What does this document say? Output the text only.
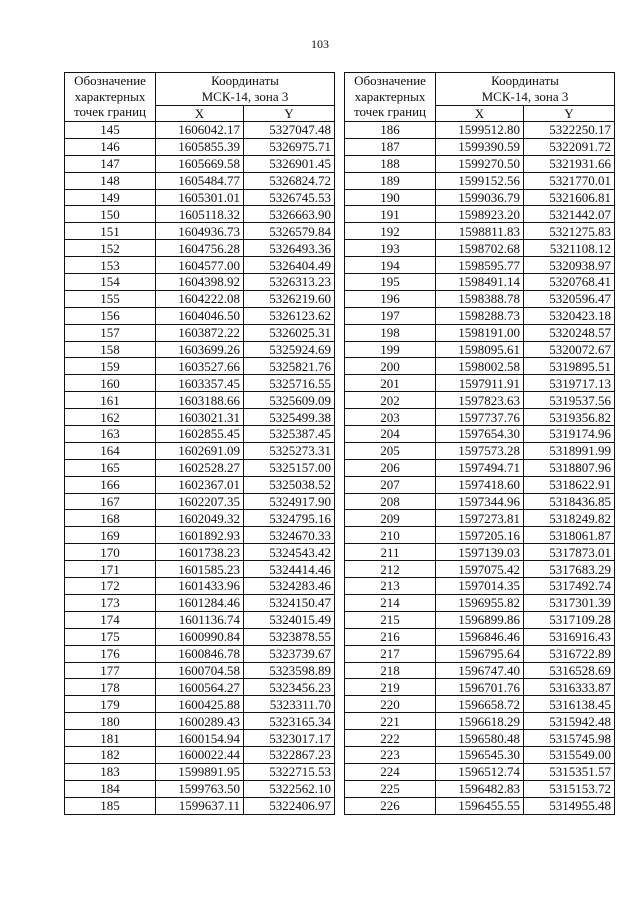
103
Обозначение
характерных
точек границ	Координаты
МСК-14, зона 3	
	X	Y
145	1606042.17	5327047.48
146	1605855.39	5326975.71
147	1605669.58	5326901.45
148	1605484.77	5326824.72
149	1605301.01	5326745.53
150	1605118.32	5326663.90
151	1604936.73	5326579.84
152	1604756.28	5326493.36
153	1604577.00	5326404.49
154	1604398.92	5326313.23
155	1604222.08	5326219.60
156	1604046.50	5326123.62
157	1603872.22	5326025.31
158	1603699.26	5325924.69
159	1603527.66	5325821.76
160	1603357.45	5325716.55
161	1603188.66	5325609.09
162	1603021.31	5325499.38
163	1602855.45	5325387.45
164	1602691.09	5325273.31
165	1602528.27	5325157.00
166	1602367.01	5325038.52
167	1602207.35	5324917.90
168	1602049.32	5324795.16
169	1601892.93	5324670.33
170	1601738.23	5324543.42
171	1601585.23	5324414.46
172	1601433.96	5324283.46
173	1601284.46	5324150.47
174	1601136.74	5324015.49
175	1600990.84	5323878.55
176	1600846.78	5323739.67
177	1600704.58	5323598.89
178	1600564.27	5323456.23
179	1600425.88	5323311.70
180	1600289.43	5323165.34
181	1600154.94	5323017.17
182	1600022.44	5322867.23
183	1599891.95	5322715.53
184	1599763.50	5322562.10
185	1599637.11	5322406.97
Обозначение
характерных
точек границ	Координаты
МСК-14, зона 3	
	X	Y
186	1599512.80	5322250.17
187	1599390.59	5322091.72
188	1599270.50	5321931.66
189	1599152.56	5321770.01
190	1599036.79	5321606.81
191	1598923.20	5321442.07
192	1598811.83	5321275.83
193	1598702.68	5321108.12
194	1598595.77	5320938.97
195	1598491.14	5320768.41
196	1598388.78	5320596.47
197	1598288.73	5320423.18
198	1598191.00	5320248.57
199	1598095.61	5320072.67
200	1598002.58	5319895.51
201	1597911.91	5319717.13
202	1597823.63	5319537.56
203	1597737.76	5319356.82
204	1597654.30	5319174.96
205	1597573.28	5318991.99
206	1597494.71	5318807.96
207	1597418.60	5318622.91
208	1597344.96	5318436.85
209	1597273.81	5318249.82
210	1597205.16	5318061.87
211	1597139.03	5317873.01
212	1597075.42	5317683.29
213	1597014.35	5317492.74
214	1596955.82	5317301.39
215	1596899.86	5317109.28
216	1596846.46	5316916.43
217	1596795.64	5316722.89
218	1596747.40	5316528.69
219	1596701.76	5316333.87
220	1596658.72	5316138.45
221	1596618.29	5315942.48
222	1596580.48	5315745.98
223	1596545.30	5315549.00
224	1596512.74	5315351.57
225	1596482.83	5315153.72
226	1596455.55	5314955.48
